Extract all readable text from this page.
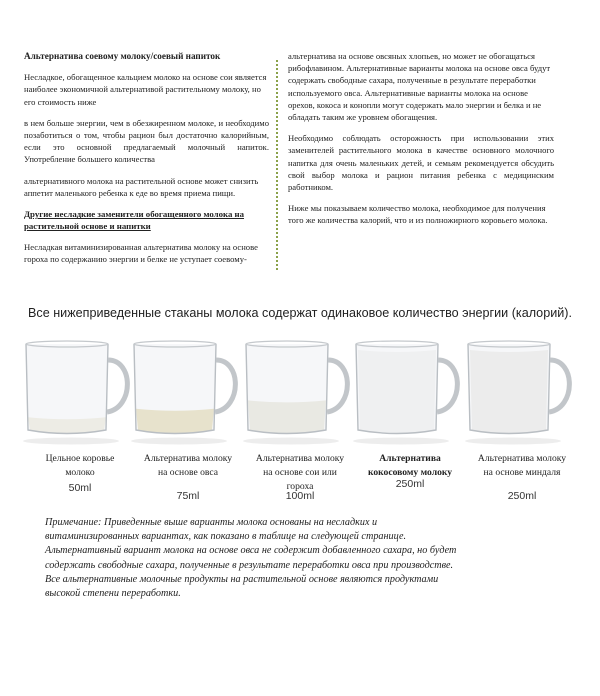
Альтернатива соевому молоку/соевый напиток

Несладкое, обогащенное кальцием молоко на основе сои является наиболее экономичной альтернативой растительному молоку, но его стоимость ниже

в нем больше энергии, чем в обезжиренном молоке, и необходимо позаботиться о том, чтобы рацион был достаточно калорийным, если это основной предлагаемый молочный напиток. Употребление большего количества

альтернативного молока на растительной основе может снизить аппетит маленького ребенка к еде во время приема пищи.

Другие несладкие заменители обогащенного молока на растительной основе и напитки

Несладкая витаминизированная альтернатива молоку на основе гороха по содержанию энергии и белке не уступает соевому-

альтернатива на основе овсяных хлопьев, но может не обогащаться рибофлавином. Альтернативные варианты молока на основе овса будут содержать свободные сахара, полученные в результате переработки используемого овса. Альтернативные варианты молока на основе орехов, кокоса и конопли могут содержать мало энергии и белка и не обладать таким же уровнем обогащения.

Необходимо соблюдать осторожность при использовании этих заменителей растительного молока в качестве основного молочного напитка для очень маленьких детей, и семьям рекомендуется обсудить свой выбор молока и рацион питания ребенка с медицинским работником.

Ниже мы показываем количество молока, необходимое для получения того же количества калорий, что и из полножирного коровьего молока.

Все нижеприведенные стаканы молока содержат одинаковое количество энергии (калорий).
Цельное коровье молоко
50ml
Альтернатива молоку на основе овса
75ml
Альтернатива молоку на основе сои или гороха
100ml
Альтернатива кокосовому молоку
250ml
Альтернатива молоку на основе миндаля
250ml
Примечание: Приведенные выше варианты молока основаны на несладких и
витаминизированных вариантах, как показано в таблице на следующей странице.
Альтернативный вариант молока на основе овса не содержит добавленного сахара, но будет
содержать свободные сахара, полученные в результате переработки овса при производстве.
Все альтернативные молочные продукты на растительной основе являются продуктами
высокой степени переработки.
